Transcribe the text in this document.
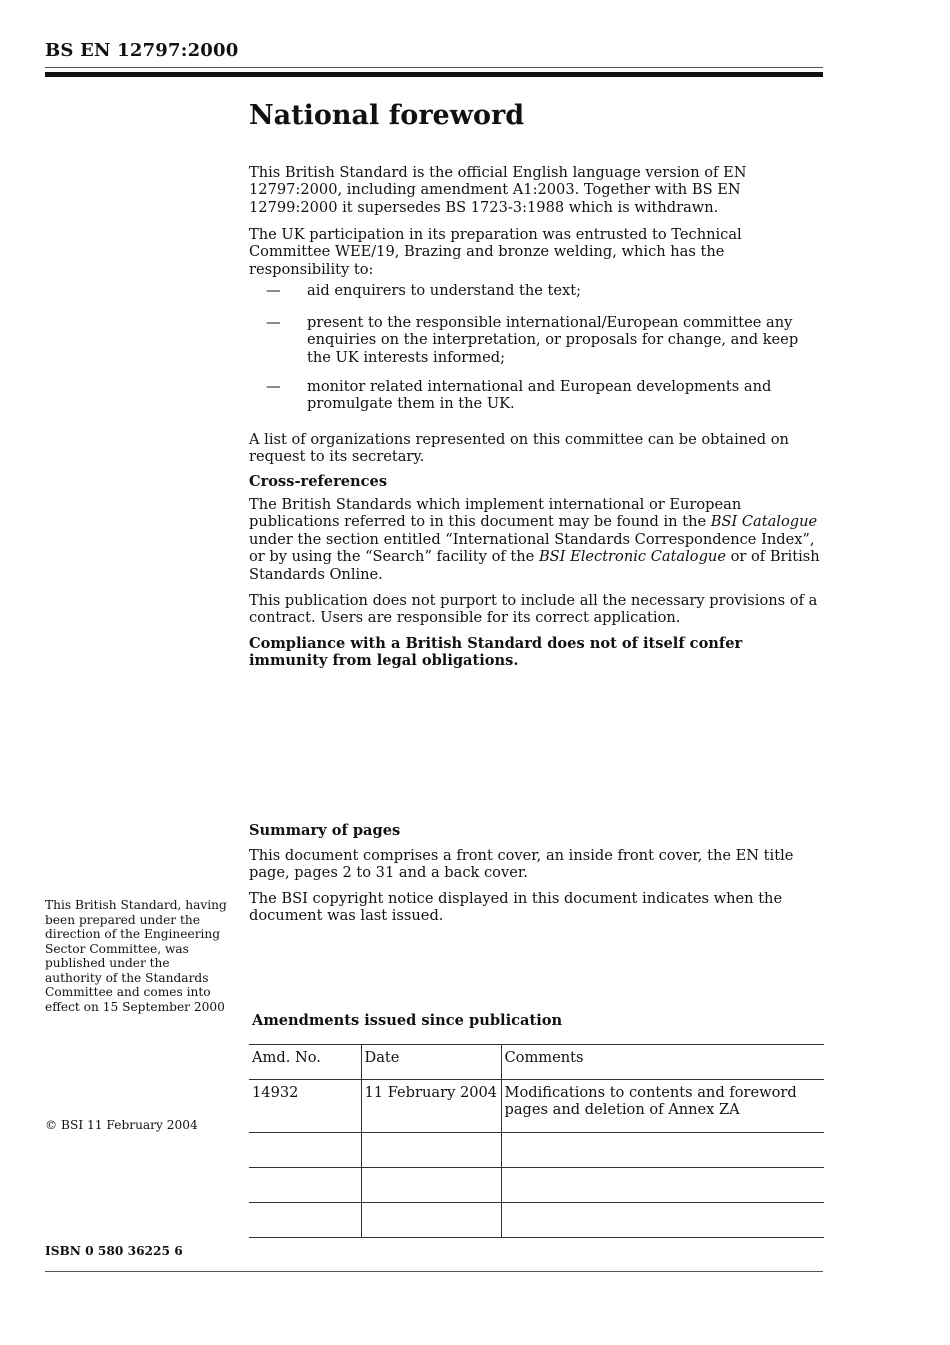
BS EN 12797:2000
National foreword

This British Standard is the official English language version of EN 12797:2000, including amendment A1:2003. Together with BS EN 12799:2000 it supersedes BS 1723-3:1988 which is withdrawn.

The UK participation in its preparation was entrusted to Technical Committee WEE/19, Brazing and bronze welding, which has the responsibility to:

— aid enquirers to understand the text;
— present to the responsible international/European committee any enquiries on the interpretation, or proposals for change, and keep the UK interests informed;
— monitor related international and European developments and promulgate them in the UK.

A list of organizations represented on this committee can be obtained on request to its secretary.

Cross-references

The British Standards which implement international or European publications referred to in this document may be found in the BSI Catalogue under the section entitled “International Standards Correspondence Index”, or by using the “Search” facility of the BSI Electronic Catalogue or of British Standards Online.

This publication does not purport to include all the necessary provisions of a contract. Users are responsible for its correct application.

Compliance with a British Standard does not of itself confer immunity from legal obligations.
Summary of pages

This document comprises a front cover, an inside front cover, the EN title page, pages 2 to 31 and a back cover.

The BSI copyright notice displayed in this document indicates when the document was last issued.

This British Standard, having been prepared under the direction of the Engineering Sector Committee, was published under the authority of the Standards Committee and comes into effect on 15 September 2000
© BSI 11 February 2004
Amendments issued since publication
Amd. No.	Date	Comments
14932	11 February 2004	Modifications to contents and foreword pages and deletion of Annex ZA

ISBN 0 580 36225 6
